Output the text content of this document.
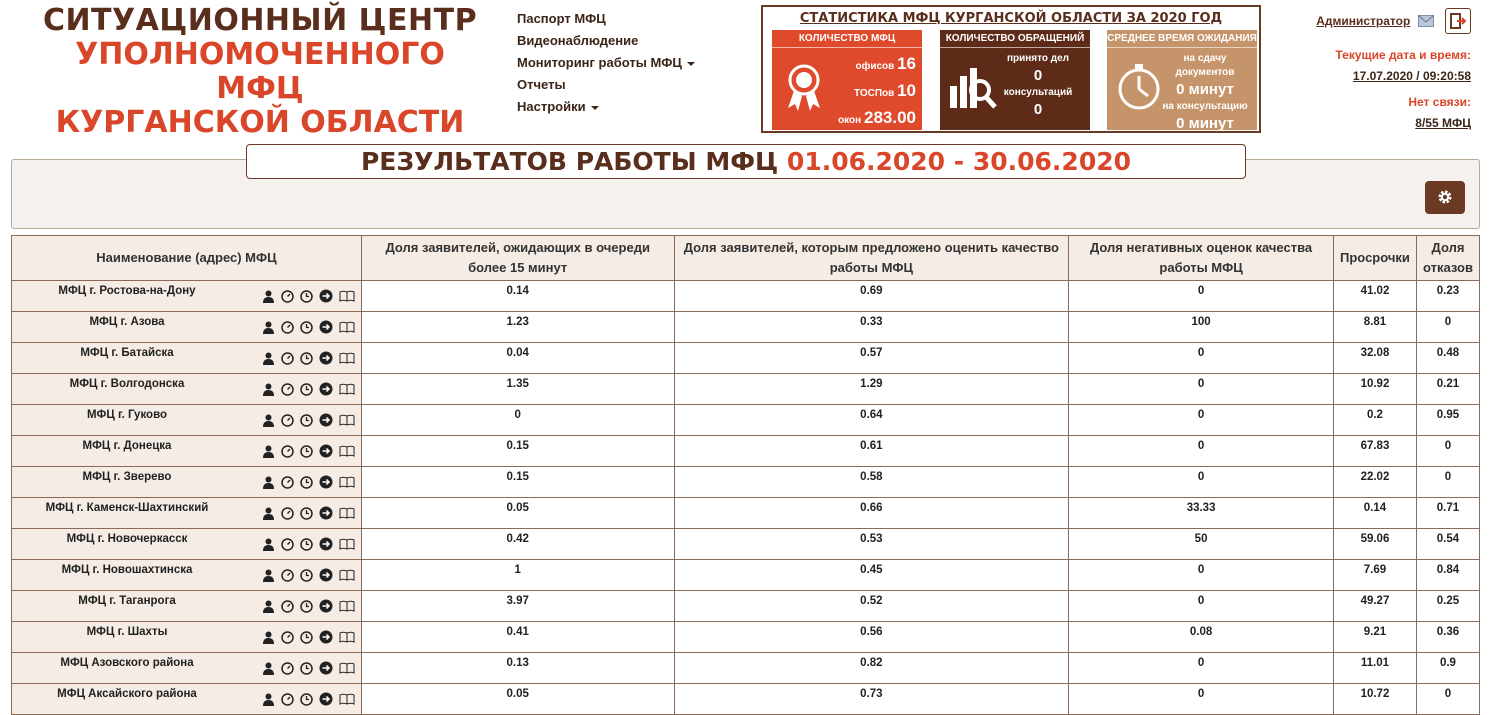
СИТУАЦИОННЫЙ ЦЕНТР
УПОЛНОМОЧЕННОГО МФЦ
КУРГАНСКОЙ ОБЛАСТИ
Паспорт МФЦ
Видеонаблюдение
Мониторинг работы МФЦ
Отчеты
Настройки
СТАТИСТИКА МФЦ КУРГАНСКОЙ ОБЛАСТИ ЗА 2020 ГОД
КОЛИЧЕСТВО МФЦ
офисов 16
ТОСПов 10
окон 283.00
КОЛИЧЕСТВО ОБРАЩЕНИЙ
принято дел
0
консультаций
0
СРЕДНЕЕ ВРЕМЯ ОЖИДАНИЯ
на сдачу документов
0 минут
на консультацию
0 минут
Администратор
Текущие дата и время:
17.07.2020 / 09:20:58
Нет связи:
8/55 МФЦ
РЕЗУЛЬТАТОВ РАБОТЫ МФЦ 01.06.2020 - 30.06.2020
Наименование (адрес) МФЦ	Доля заявителей, ожидающих в очереди более 15 минут	Доля заявителей, которым предложено оценить качество работы МФЦ	Доля негативных оценок качества работы МФЦ	Просрочки	Доля отказов
МФЦ г. Ростова-на-Дону	0.14	0.69	0	41.02	0.23
МФЦ г. Азова	1.23	0.33	100	8.81	0
МФЦ г. Батайска	0.04	0.57	0	32.08	0.48
МФЦ г. Волгодонска	1.35	1.29	0	10.92	0.21
МФЦ г. Гуково	0	0.64	0	0.2	0.95
МФЦ г. Донецка	0.15	0.61	0	67.83	0
МФЦ г. Зверево	0.15	0.58	0	22.02	0
МФЦ г. Каменск-Шахтинский	0.05	0.66	33.33	0.14	0.71
МФЦ г. Новочеркасск	0.42	0.53	50	59.06	0.54
МФЦ г. Новошахтинска	1	0.45	0	7.69	0.84
МФЦ г. Таганрога	3.97	0.52	0	49.27	0.25
МФЦ г. Шахты	0.41	0.56	0.08	9.21	0.36
МФЦ Азовского района	0.13	0.82	0	11.01	0.9
МФЦ Аксайского района	0.05	0.73	0	10.72	0
